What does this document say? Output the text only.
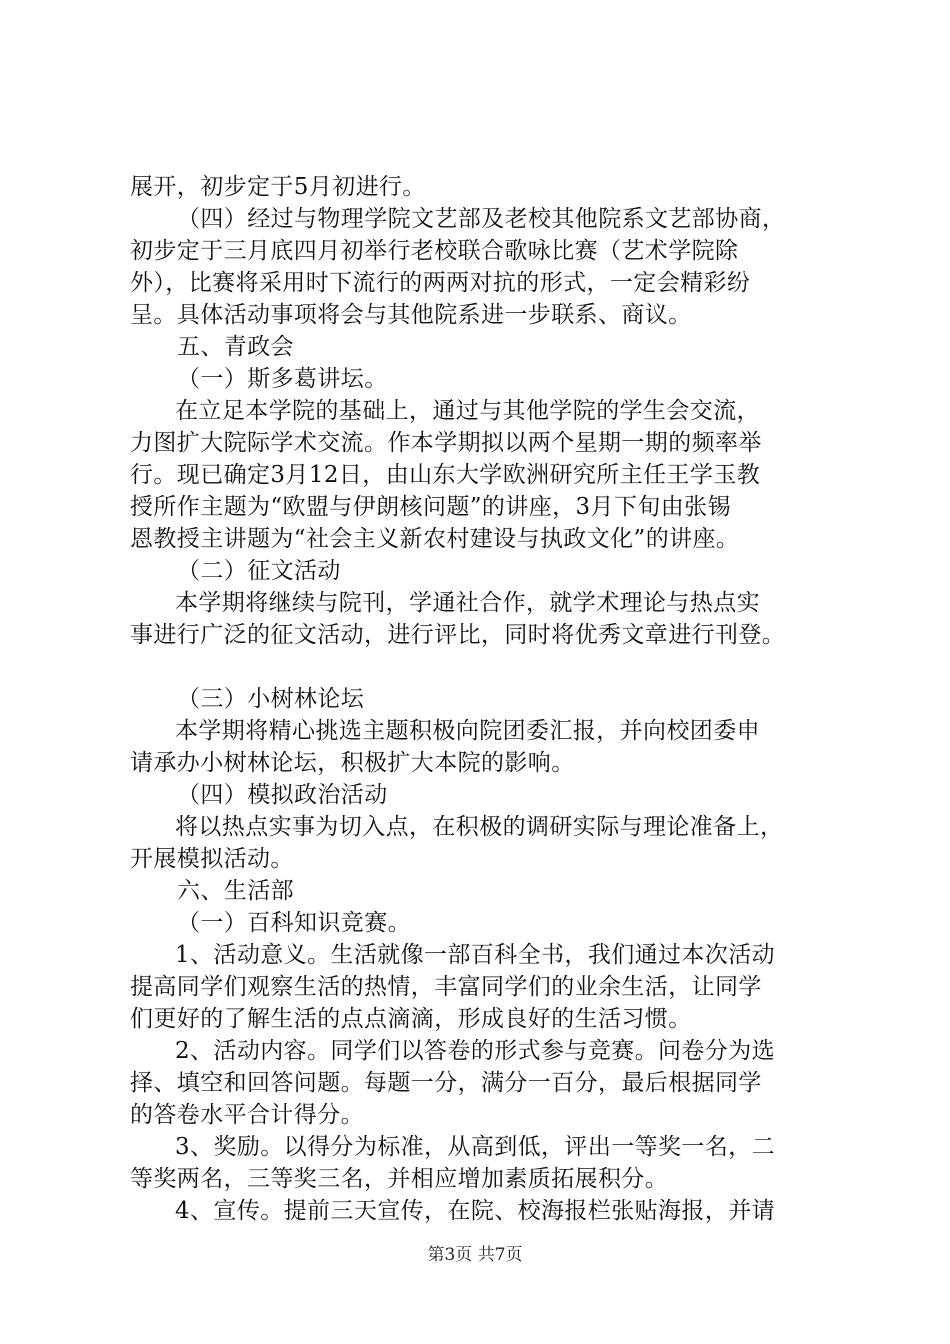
展开，初步定于5月初进行。
（四）经过与物理学院文艺部及老校其他院系文艺部协商，
初步定于三月底四月初举行老校联合歌咏比赛（艺术学院除
外），比赛将采用时下流行的两两对抗的形式，一定会精彩纷
呈。具体活动事项将会与其他院系进一步联系、商议。
五、青政会
（一）斯多葛讲坛。
在立足本学院的基础上，通过与其他学院的学生会交流，
力图扩大院际学术交流。作本学期拟以两个星期一期的频率举
行。现已确定3月12日，由山东大学欧洲研究所主任王学玉教
授所作主题为“欧盟与伊朗核问题”的讲座，3月下旬由张锡
恩教授主讲题为“社会主义新农村建设与执政文化”的讲座。
（二）征文活动
本学期将继续与院刊，学通社合作，就学术理论与热点实
事进行广泛的征文活动，进行评比，同时将优秀文章进行刊登。
（三）小树林论坛
本学期将精心挑选主题积极向院团委汇报，并向校团委申
请承办小树林论坛，积极扩大本院的影响。
（四）模拟政治活动
将以热点实事为切入点，在积极的调研实际与理论准备上，
开展模拟活动。
六、生活部
（一）百科知识竞赛。
1、活动意义。生活就像一部百科全书，我们通过本次活动
提高同学们观察生活的热情，丰富同学们的业余生活，让同学
们更好的了解生活的点点滴滴，形成良好的生活习惯。
2、活动内容。同学们以答卷的形式参与竞赛。问卷分为选
择、填空和回答问题。每题一分，满分一百分，最后根据同学
的答卷水平合计得分。
3、奖励。以得分为标准，从高到低，评出一等奖一名，二
等奖两名，三等奖三名，并相应增加素质拓展积分。
4、宣传。提前三天宣传，在院、校海报栏张贴海报，并请
第3页 共7页
